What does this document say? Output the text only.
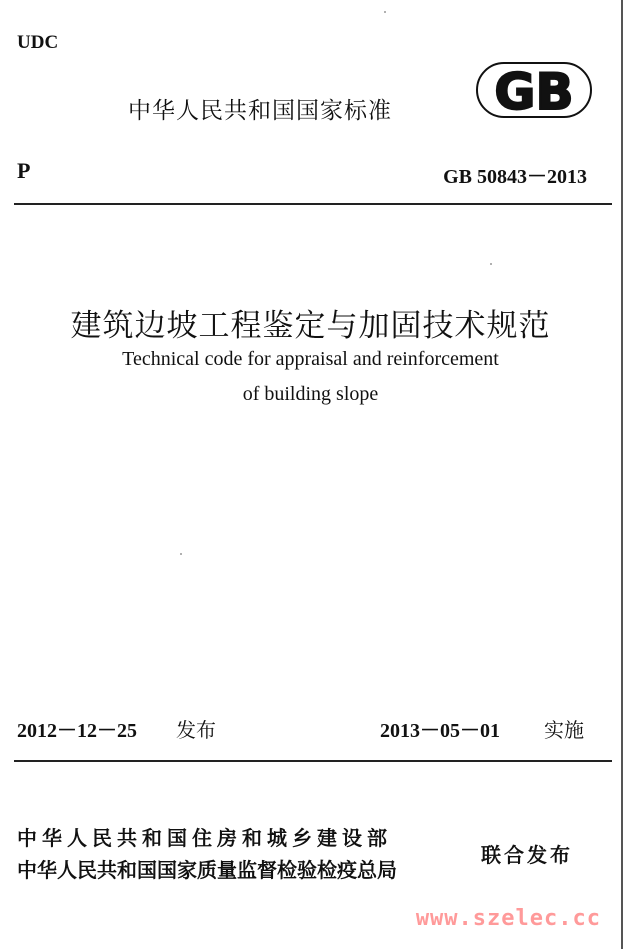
UDC
中华人民共和国国家标准 GB
P	GB 50843－2013
建筑边坡工程鉴定与加固技术规范
Technical code for appraisal and reinforcement
of building slope
2012－12－25 发布	2013－05－01 实施
中华人民共和国住房和城乡建设部
中华人民共和国国家质量监督检验检疫总局
联合发布
www.szelec.cc
